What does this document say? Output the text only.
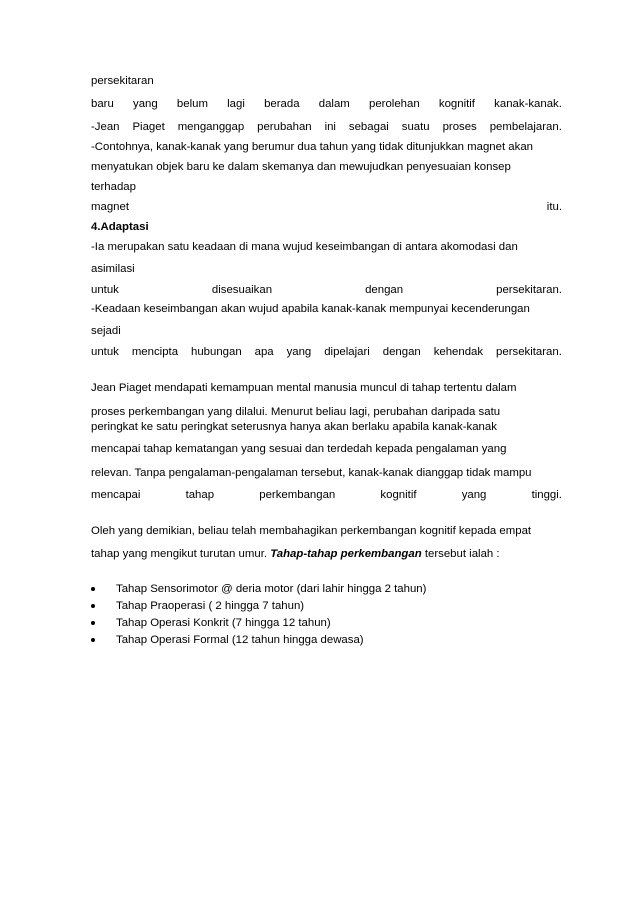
persekitaran
baru yang belum lagi berada dalam perolehan kognitif kanak-kanak.
-Jean Piaget menganggap perubahan ini sebagai suatu proses pembelajaran.
-Contohnya, kanak-kanak yang berumur dua tahun yang tidak ditunjukkan magnet akan
menyatukan objek baru ke dalam skemanya dan mewujudkan penyesuaian konsep
terhadap
magnet	itu.
4.Adaptasi
-Ia merupakan satu keadaan di mana wujud keseimbangan di antara akomodasi dan
asimilasi
untuk	disesuaikan	dengan	persekitaran.
-Keadaan keseimbangan akan wujud apabila kanak-kanak mempunyai kecenderungan
sejadi
untuk mencipta hubungan apa yang dipelajari dengan kehendak persekitaran.
Jean Piaget mendapati kemampuan mental manusia muncul di tahap tertentu dalam
proses perkembangan yang dilalui. Menurut beliau lagi, perubahan daripada satu
peringkat ke satu peringkat seterusnya hanya akan berlaku apabila kanak-kanak
mencapai tahap kematangan yang sesuai dan terdedah kepada pengalaman yang
relevan. Tanpa pengalaman-pengalaman tersebut, kanak-kanak dianggap tidak mampu
mencapai	tahap	perkembangan	kognitif	yang	tinggi.
Oleh yang demikian, beliau telah membahagikan perkembangan kognitif kepada empat
tahap yang mengikut turutan umur. Tahap-tahap perkembangan tersebut ialah :
Tahap Sensorimotor @ deria motor (dari lahir hingga 2 tahun)
Tahap Praoperasi ( 2 hingga 7 tahun)
Tahap Operasi Konkrit (7 hingga 12 tahun)
Tahap Operasi Formal (12 tahun hingga dewasa)
